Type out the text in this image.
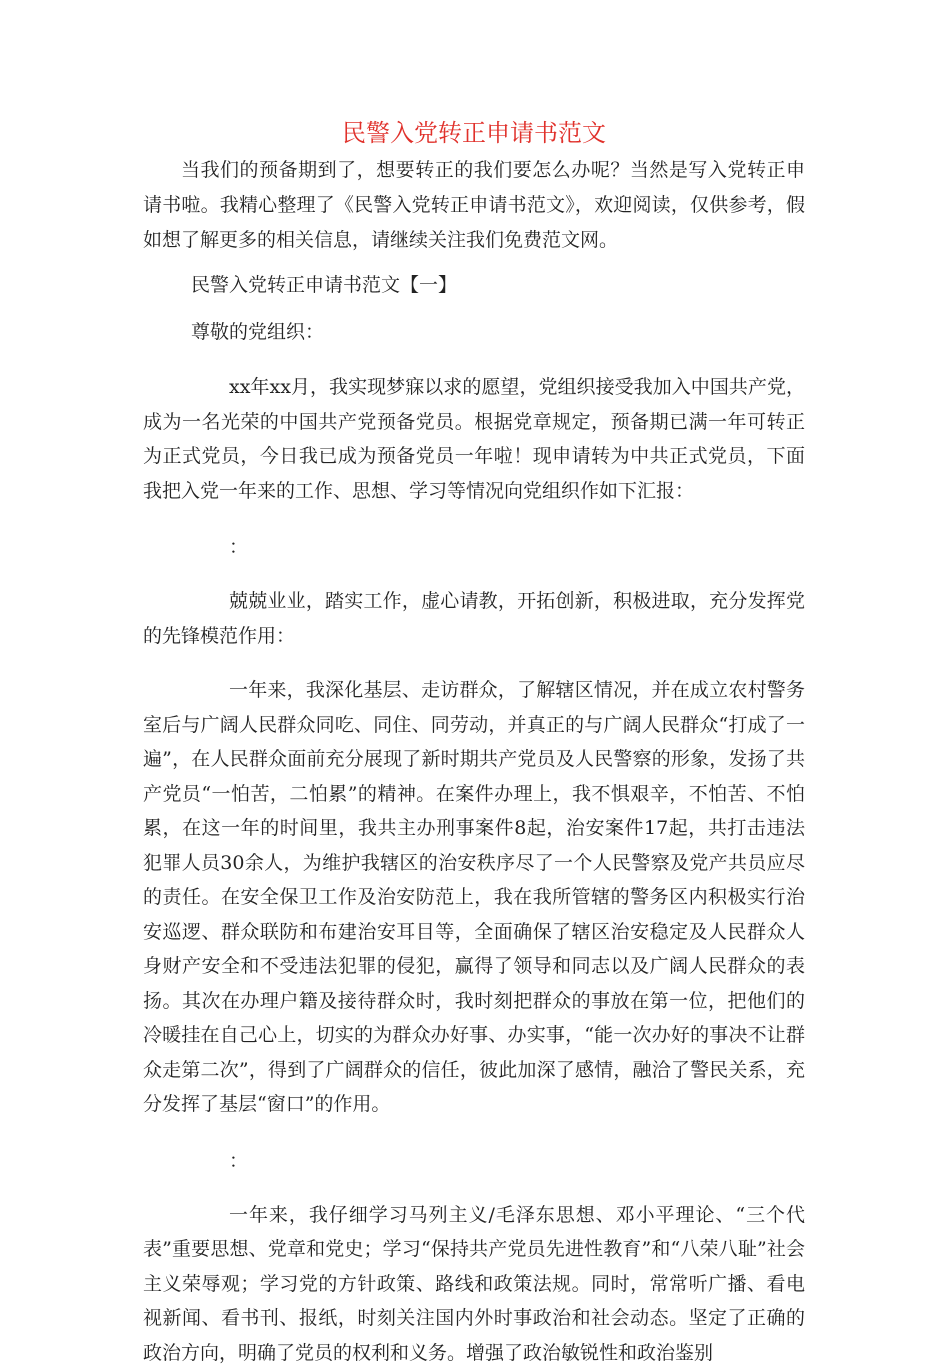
民警入党转正申请书范文

当我们的预备期到了，想要转正的我们要怎么办呢？当然是写入党转正申请书啦。我精心整理了《民警入党转正申请书范文》，欢迎阅读，仅供参考，假如想了解更多的相关信息，请继续关注我们免费范文网。

民警入党转正申请书范文【一】

尊敬的党组织：

xx年xx月，我实现梦寐以求的愿望，党组织接受我加入中国共产党，成为一名光荣的中国共产党预备党员。根据党章规定，预备期已满一年可转正为正式党员，今日我已成为预备党员一年啦！现申请转为中共正式党员，下面我把入党一年来的工作、思想、学习等情况向党组织作如下汇报：

：

兢兢业业，踏实工作，虚心请教，开拓创新，积极进取，充分发挥党的先锋模范作用：

一年来，我深化基层、走访群众，了解辖区情况，并在成立农村警务室后与广阔人民群众同吃、同住、同劳动，并真正的与广阔人民群众“打成了一遍”，在人民群众面前充分展现了新时期共产党员及人民警察的形象，发扬了共产党员“一怕苦，二怕累”的精神。在案件办理上，我不惧艰辛，不怕苦、不怕累，在这一年的时间里，我共主办刑事案件8起，治安案件17起，共打击违法犯罪人员30余人，为维护我辖区的治安秩序尽了一个人民警察及党产共员应尽的责任。在安全保卫工作及治安防范上，我在我所管辖的警务区内积极实行治安巡逻、群众联防和布建治安耳目等，全面确保了辖区治安稳定及人民群众人身财产安全和不受违法犯罪的侵犯，赢得了领导和同志以及广阔人民群众的表扬。其次在办理户籍及接待群众时，我时刻把群众的事放在第一位，把他们的冷暖挂在自己心上，切实的为群众办好事、办实事，“能一次办好的事决不让群众走第二次”，得到了广阔群众的信任，彼此加深了感情，融洽了警民关系，充分发挥了基层“窗口”的作用。

：

一年来，我仔细学习马列主义/毛泽东思想、邓小平理论、“三个代表”重要思想、党章和党史；学习“保持共产党员先进性教育”和“八荣八耻”社会主义荣辱观；学习党的方针政策、路线和政策法规。同时，常常听广播、看电视新闻、看书刊、报纸，时刻关注国内外时事政治和社会动态。坚定了正确的政治方向，明确了党员的权利和义务。增强了政治敏锐性和政治鉴别
